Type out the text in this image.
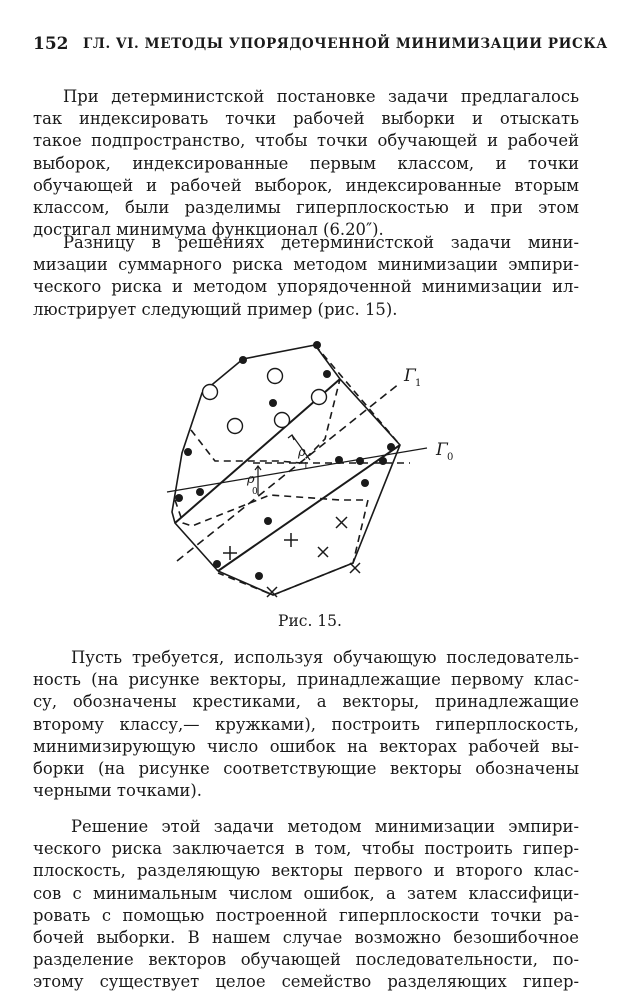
152 ГЛ. VI. МЕТОДЫ УПОРЯДОЧЕННОЙ МИНИМИЗАЦИИ РИСКА
При детерминистской постановке задачи предлагалось
так индексировать точки рабочей выборки и отыскать
такое подпространство, чтобы точки обучающей и рабочей
выборок, индексированные первым классом, и точки
обучающей и рабочей выборок, индексированные вторым
классом, были разделимы гиперплоскостью и при этом
достигал минимума функционал (6.20″).
Разницу в решениях детерминистской задачи мини-
мизации суммарного риска методом минимизации эмпири-
ческого риска и методом упорядоченной минимизации ил-
люстрирует следующий пример (рис. 15).
Γ 1
Γ 0
ρ
1
ρ
0
Рис. 15.
Пусть требуется, используя обучающую последователь-
ность (на рисунке векторы, принадлежащие первому клас-
су, обозначены крестиками, а векторы, принадлежащие
второму классу,— кружками), построить гиперплоскость,
минимизирующую число ошибок на векторах рабочей вы-
борки (на рисунке соответствующие векторы обозначены
черными точками).
Решение этой задачи методом минимизации эмпири-
ческого риска заключается в том, чтобы построить гипер-
плоскость, разделяющую векторы первого и второго клас-
сов с минимальным числом ошибок, а затем классифици-
ровать с помощью построенной гиперплоскости точки ра-
бочей выборки. В нашем случае возможно безошибочное
разделение векторов обучающей последовательности, по-
этому существует целое семейство разделяющих гипер-
